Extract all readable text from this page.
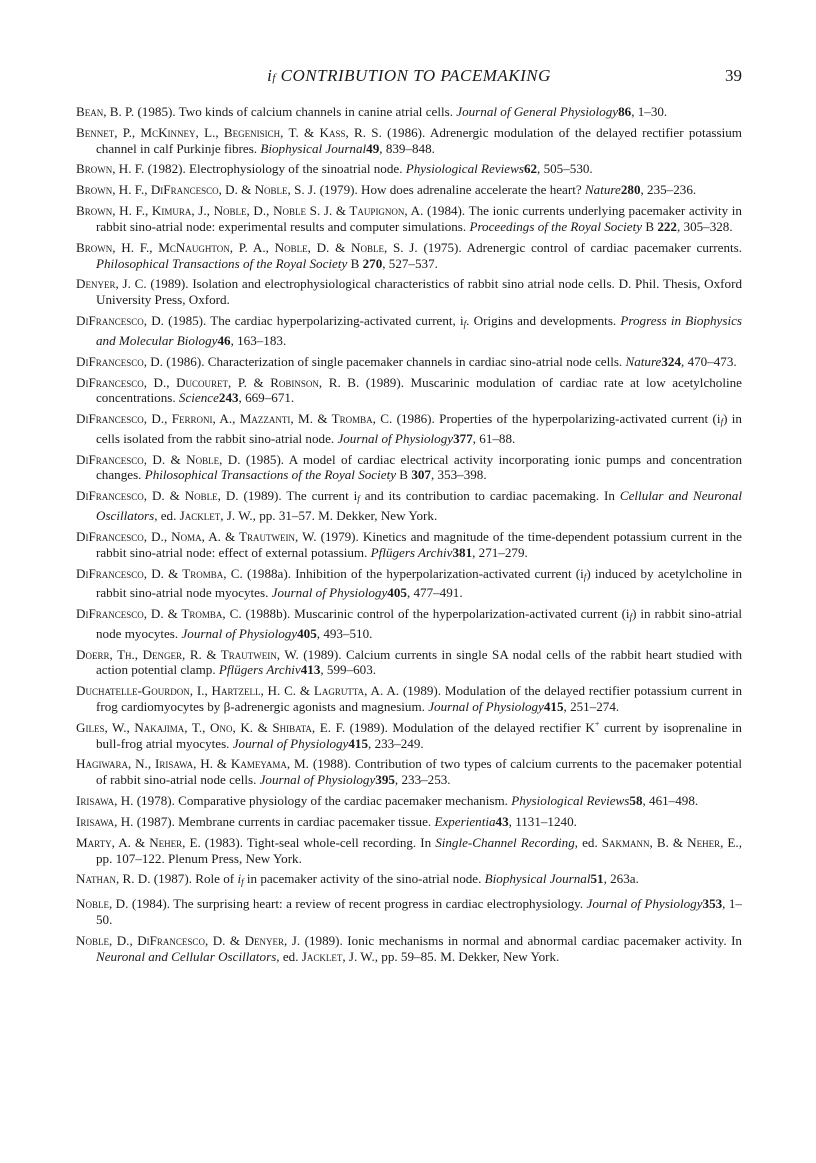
if CONTRIBUTION TO PACEMAKING	39
Bean, B. P. (1985). Two kinds of calcium channels in canine atrial cells. Journal of General Physiology86, 1–30.
Bennet, P., McKinney, L., Begenisich, T. & Kass, R. S. (1986). Adrenergic modulation of the delayed rectifier potassium channel in calf Purkinje fibres. Biophysical Journal49, 839–848.
Brown, H. F. (1982). Electrophysiology of the sinoatrial node. Physiological Reviews62, 505–530.
Brown, H. F., DiFrancesco, D. & Noble, S. J. (1979). How does adrenaline accelerate the heart? Nature280, 235–236.
Brown, H. F., Kimura, J., Noble, D., Noble S. J. & Taupignon, A. (1984). The ionic currents underlying pacemaker activity in rabbit sino-atrial node: experimental results and computer simulations. Proceedings of the Royal Society B 222, 305–328.
Brown, H. F., McNaughton, P. A., Noble, D. & Noble, S. J. (1975). Adrenergic control of cardiac pacemaker currents. Philosophical Transactions of the Royal Society B 270, 527–537.
Denyer, J. C. (1989). Isolation and electrophysiological characteristics of rabbit sino atrial node cells. D. Phil. Thesis, Oxford University Press, Oxford.
DiFrancesco, D. (1985). The cardiac hyperpolarizing-activated current, if. Origins and developments. Progress in Biophysics and Molecular Biology46, 163–183.
DiFrancesco, D. (1986). Characterization of single pacemaker channels in cardiac sino-atrial node cells. Nature324, 470–473.
DiFrancesco, D., Ducouret, P. & Robinson, R. B. (1989). Muscarinic modulation of cardiac rate at low acetylcholine concentrations. Science243, 669–671.
DiFrancesco, D., Ferroni, A., Mazzanti, M. & Tromba, C. (1986). Properties of the hyperpolarizing-activated current (if) in cells isolated from the rabbit sino-atrial node. Journal of Physiology377, 61–88.
DiFrancesco, D. & Noble, D. (1985). A model of cardiac electrical activity incorporating ionic pumps and concentration changes. Philosophical Transactions of the Royal Society B 307, 353–398.
DiFrancesco, D. & Noble, D. (1989). The current if and its contribution to cardiac pacemaking. In Cellular and Neuronal Oscillators, ed. Jacklet, J. W., pp. 31–57. M. Dekker, New York.
DiFrancesco, D., Noma, A. & Trautwein, W. (1979). Kinetics and magnitude of the time-dependent potassium current in the rabbit sino-atrial node: effect of external potassium. Pflügers Archiv381, 271–279.
DiFrancesco, D. & Tromba, C. (1988a). Inhibition of the hyperpolarization-activated current (if) induced by acetylcholine in rabbit sino-atrial node myocytes. Journal of Physiology405, 477–491.
DiFrancesco, D. & Tromba, C. (1988b). Muscarinic control of the hyperpolarization-activated current (if) in rabbit sino-atrial node myocytes. Journal of Physiology405, 493–510.
Doerr, Th., Denger, R. & Trautwein, W. (1989). Calcium currents in single SA nodal cells of the rabbit heart studied with action potential clamp. Pflügers Archiv413, 599–603.
Duchatelle-Gourdon, I., Hartzell, H. C. & Lagrutta, A. A. (1989). Modulation of the delayed rectifier potassium current in frog cardiomyocytes by β-adrenergic agonists and magnesium. Journal of Physiology415, 251–274.
Giles, W., Nakajima, T., Ono, K. & Shibata, E. F. (1989). Modulation of the delayed rectifier K+ current by isoprenaline in bull-frog atrial myocytes. Journal of Physiology415, 233–249.
Hagiwara, N., Irisawa, H. & Kameyama, M. (1988). Contribution of two types of calcium currents to the pacemaker potential of rabbit sino-atrial node cells. Journal of Physiology395, 233–253.
Irisawa, H. (1978). Comparative physiology of the cardiac pacemaker mechanism. Physiological Reviews58, 461–498.
Irisawa, H. (1987). Membrane currents in cardiac pacemaker tissue. Experientia43, 1131–1240.
Marty, A. & Neher, E. (1983). Tight-seal whole-cell recording. In Single-Channel Recording, ed. Sakmann, B. & Neher, E., pp. 107–122. Plenum Press, New York.
Nathan, R. D. (1987). Role of if in pacemaker activity of the sino-atrial node. Biophysical Journal51, 263a.
Noble, D. (1984). The surprising heart: a review of recent progress in cardiac electrophysiology. Journal of Physiology353, 1–50.
Noble, D., DiFrancesco, D. & Denyer, J. (1989). Ionic mechanisms in normal and abnormal cardiac pacemaker activity. In Neuronal and Cellular Oscillators, ed. Jacklet, J. W., pp. 59–85. M. Dekker, New York.
